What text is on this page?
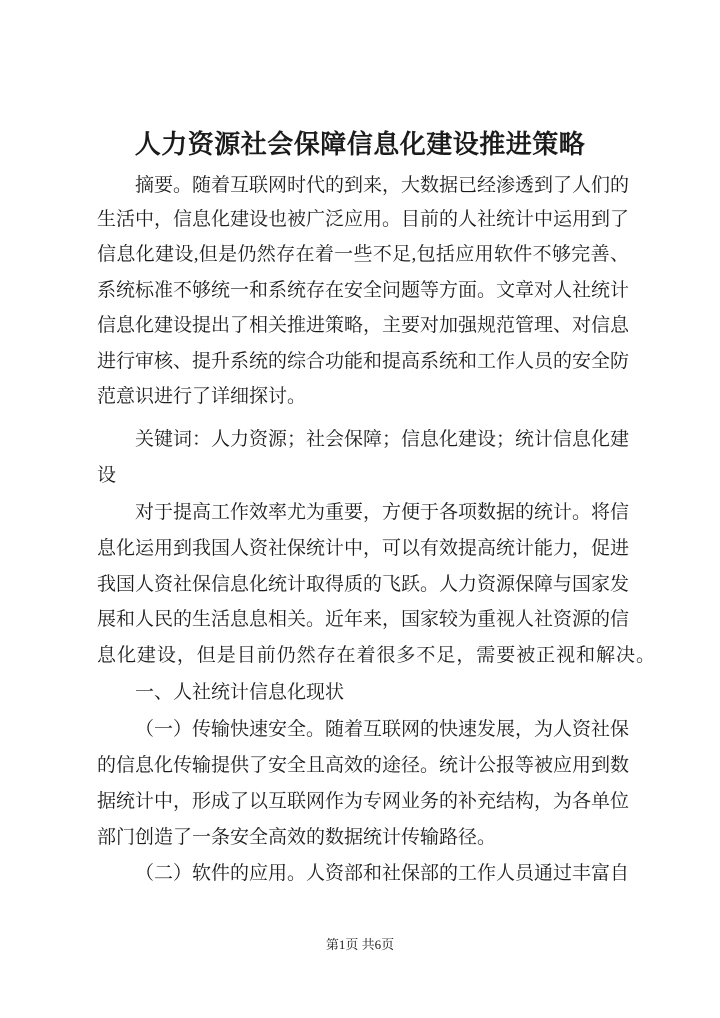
人力资源社会保障信息化建设推进策略
摘要。随着互联网时代的到来，大数据已经渗透到了人们的
生活中，信息化建设也被广泛应用。目前的人社统计中运用到了
信息化建设,但是仍然存在着一些不足,包括应用软件不够完善、
系统标准不够统一和系统存在安全问题等方面。文章对人社统计
信息化建设提出了相关推进策略，主要对加强规范管理、对信息
进行审核、提升系统的综合功能和提高系统和工作人员的安全防
范意识进行了详细探讨。
关键词：人力资源；社会保障；信息化建设；统计信息化建
设
对于提高工作效率尤为重要，方便于各项数据的统计。将信
息化运用到我国人资社保统计中，可以有效提高统计能力，促进
我国人资社保信息化统计取得质的飞跃。人力资源保障与国家发
展和人民的生活息息相关。近年来，国家较为重视人社资源的信
息化建设，但是目前仍然存在着很多不足，需要被正视和解决。
一、人社统计信息化现状
（一）传输快速安全。随着互联网的快速发展，为人资社保
的信息化传输提供了安全且高效的途径。统计公报等被应用到数
据统计中，形成了以互联网作为专网业务的补充结构，为各单位
部门创造了一条安全高效的数据统计传输路径。
（二）软件的应用。人资部和社保部的工作人员通过丰富自
第1页 共6页
